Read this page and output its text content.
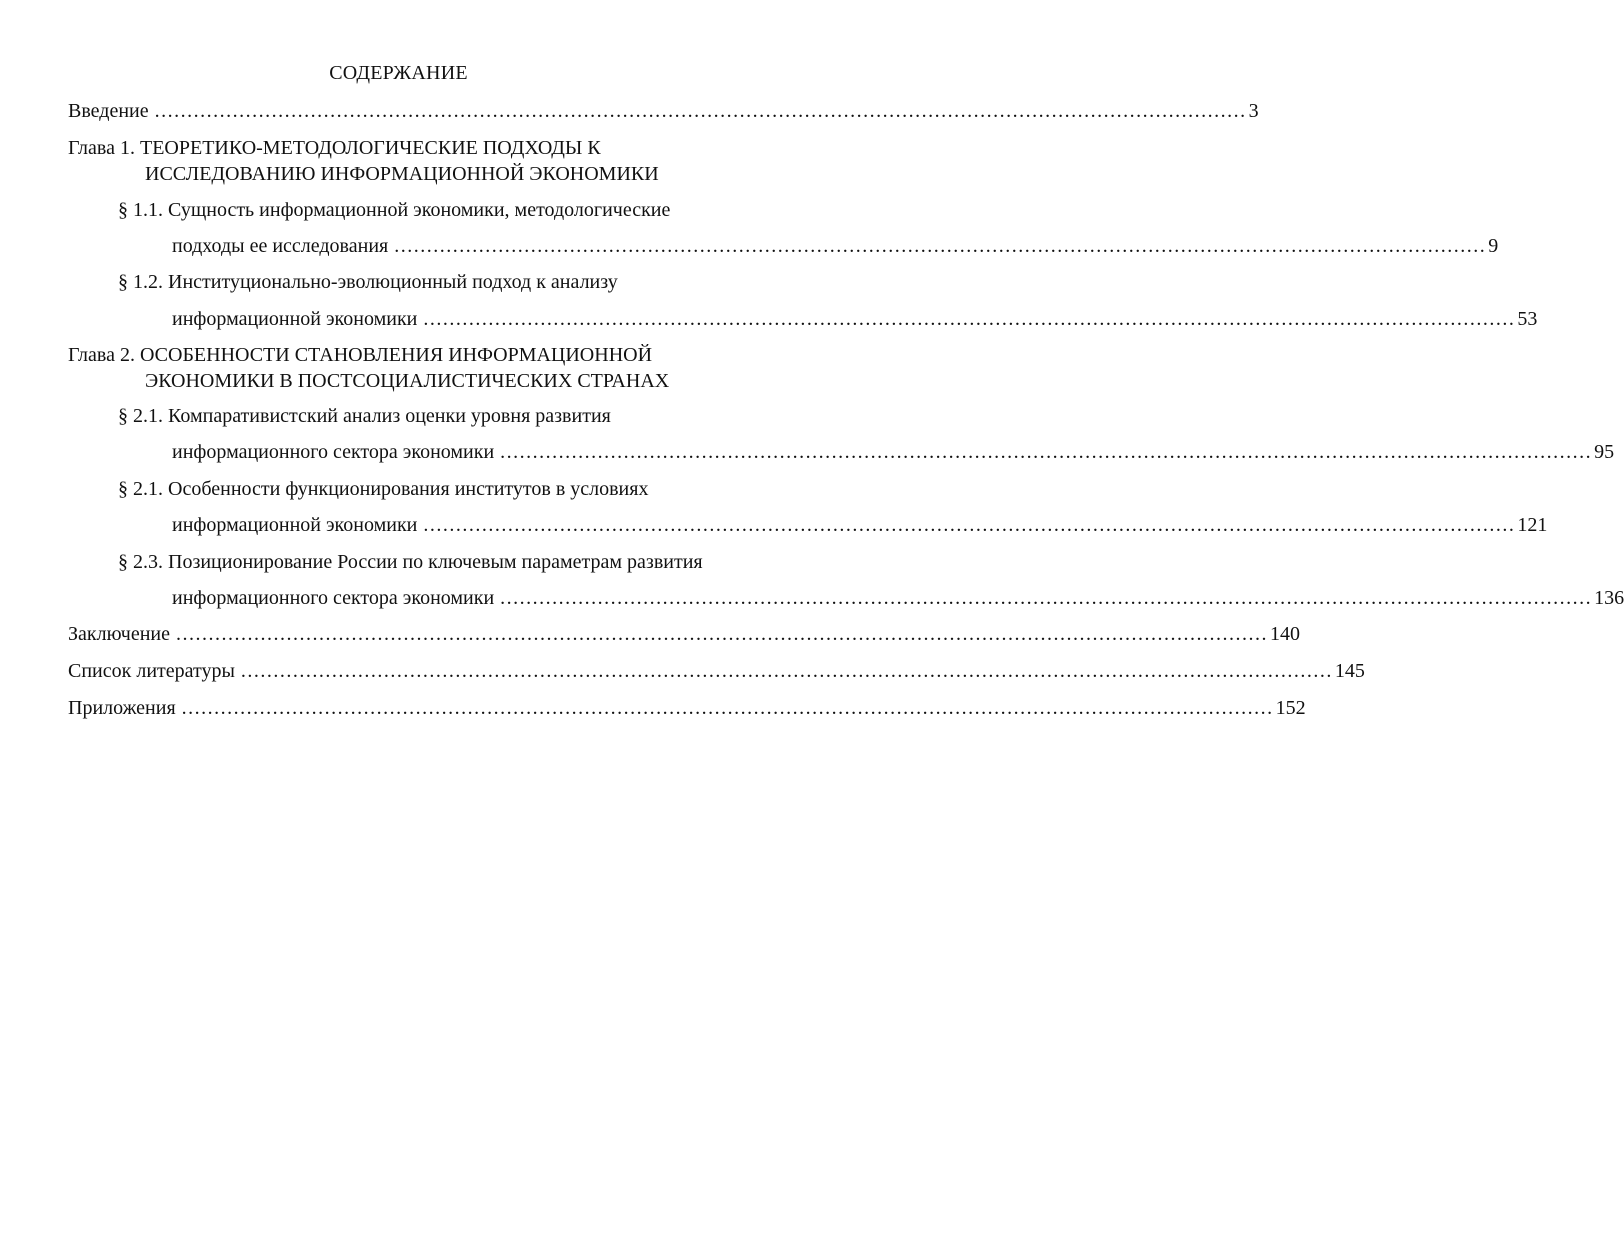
СОДЕРЖАНИЕ
Введение ........................................................................................................................................................................ 3
Глава 1. ТЕОРЕТИКО-МЕТОДОЛОГИЧЕСКИЕ ПОДХОДЫ К
ИССЛЕДОВАНИЮ ИНФОРМАЦИОННОЙ ЭКОНОМИКИ
§ 1.1. Сущность информационной экономики, методологические
подходы ее исследования ........................................................................................................................................................................ 9
§ 1.2. Институционально-эволюционный подход к анализу
информационной экономики ........................................................................................................................................................................ 53
Глава 2. ОСОБЕННОСТИ СТАНОВЛЕНИЯ ИНФОРМАЦИОННОЙ
ЭКОНОМИКИ В ПОСТСОЦИАЛИСТИЧЕСКИХ СТРАНАХ
§ 2.1. Компаративистский анализ оценки уровня развития
информационного сектора экономики ........................................................................................................................................................................ 95
§ 2.1. Особенности функционирования институтов в условиях
информационной экономики ........................................................................................................................................................................ 121
§ 2.3. Позиционирование России по ключевым параметрам развития
информационного сектора экономики ........................................................................................................................................................................ 136
Заключение ........................................................................................................................................................................ 140
Список литературы ........................................................................................................................................................................ 145
Приложения ........................................................................................................................................................................ 152
